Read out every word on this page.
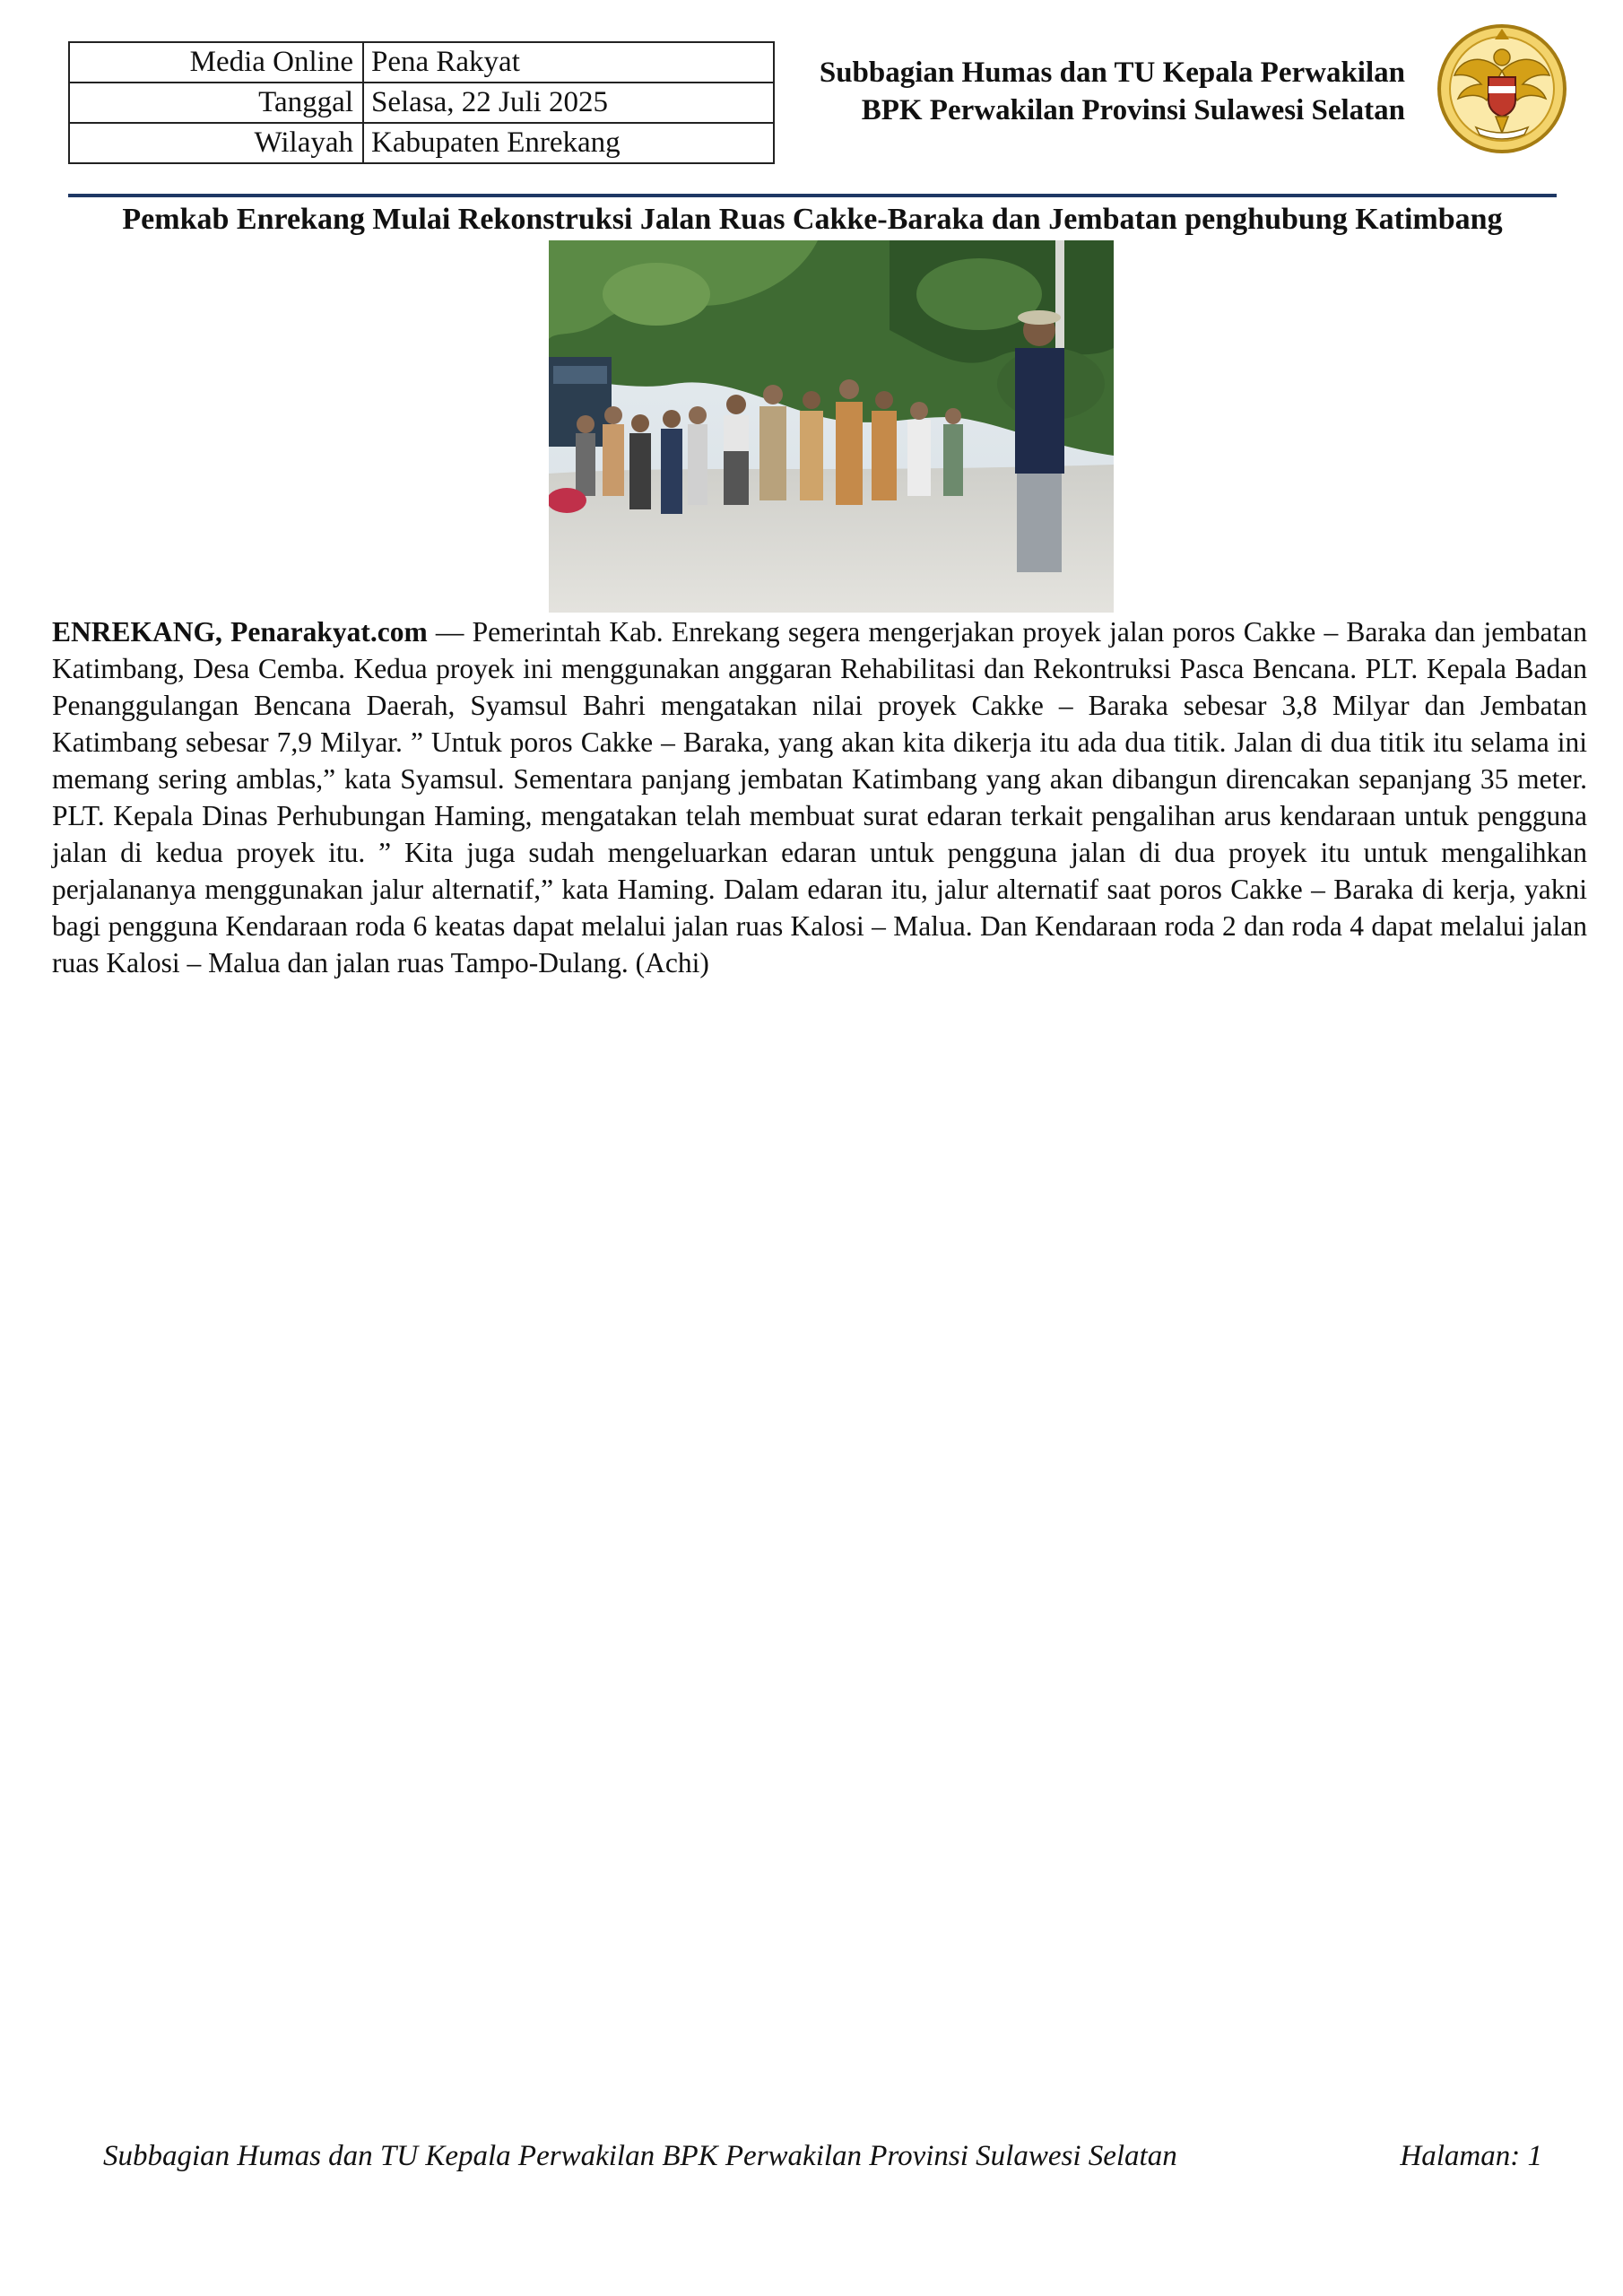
Media Online	Pena Rakyat
Tanggal	Selasa, 22 Juli 2025
Wilayah	Kabupaten Enrekang
Subbagian Humas dan TU Kepala Perwakilan
BPK Perwakilan Provinsi Sulawesi Selatan
Pemkab Enrekang Mulai Rekonstruksi Jalan Ruas Cakke-Baraka dan Jembatan penghubung Katimbang
ENREKANG, Penarakyat.com — Pemerintah Kab. Enrekang segera mengerjakan proyek jalan poros Cakke – Baraka dan jembatan Katimbang, Desa Cemba. Kedua proyek ini menggunakan anggaran Rehabilitasi dan Rekontruksi Pasca Bencana. PLT. Kepala Badan Penanggulangan Bencana Daerah, Syamsul Bahri mengatakan nilai proyek Cakke – Baraka sebesar 3,8 Milyar dan Jembatan Katimbang sebesar 7,9 Milyar. ” Untuk poros Cakke – Baraka, yang akan kita dikerja itu ada dua titik. Jalan di dua titik itu selama ini memang sering amblas,” kata Syamsul. Sementara panjang jembatan Katimbang yang akan dibangun direncakan sepanjang 35 meter. PLT. Kepala Dinas Perhubungan Haming, mengatakan telah membuat surat edaran terkait pengalihan arus kendaraan untuk pengguna jalan di kedua proyek itu. ” Kita juga sudah mengeluarkan edaran untuk pengguna jalan di dua proyek itu untuk mengalihkan perjalananya menggunakan jalur alternatif,” kata Haming. Dalam edaran itu, jalur alternatif saat poros Cakke – Baraka di kerja, yakni bagi pengguna Kendaraan roda 6 keatas dapat melalui jalan ruas Kalosi – Malua. Dan Kendaraan roda 2 dan roda 4 dapat melalui jalan ruas Kalosi – Malua dan jalan ruas Tampo-Dulang. (Achi)
Subbagian Humas dan TU Kepala Perwakilan BPK Perwakilan Provinsi Sulawesi Selatan	Halaman: 1
